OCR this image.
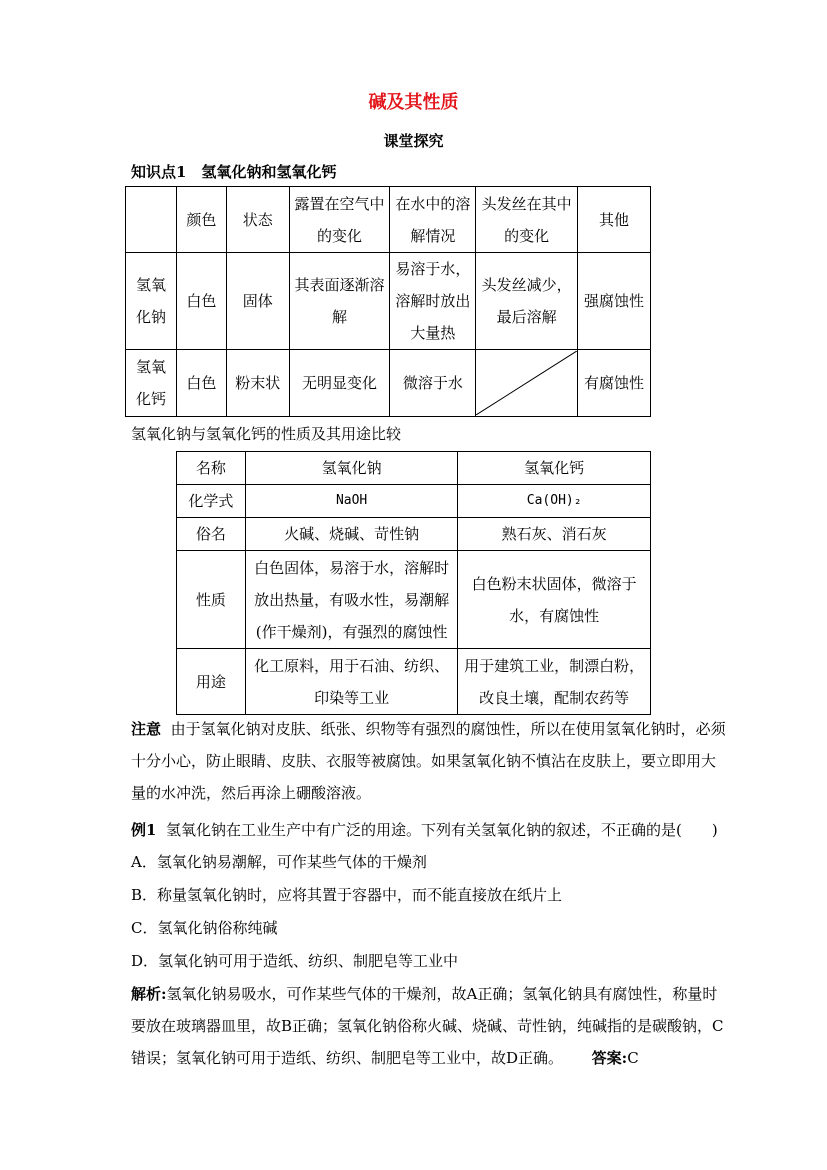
碱及其性质
课堂探究
知识点1　氢氧化钠和氢氧化钙
	颜色	状态	露置在空气中的变化	在水中的溶解情况	头发丝在其中的变化	其他
氢氧化钠	白色	固体	其表面逐渐溶解	易溶于水，溶解时放出大量热	头发丝减少，最后溶解	强腐蚀性
氢氧化钙	白色	粉末状	无明显变化	微溶于水		有腐蚀性
氢氧化钠与氢氧化钙的性质及其用途比较
名称	氢氧化钠	氢氧化钙
化学式	NaOH	Ca(OH)₂
俗名	火碱、烧碱、苛性钠	熟石灰、消石灰
性质	白色固体，易溶于水，溶解时放出热量，有吸水性，易潮解(作干燥剂)，有强烈的腐蚀性	白色粉末状固体，微溶于水，有腐蚀性
用途	化工原料，用于石油、纺织、印染等工业	用于建筑工业，制漂白粉，改良土壤，配制农药等
注意 由于氢氧化钠对皮肤、纸张、织物等有强烈的腐蚀性，所以在使用氢氧化钠时，必须十分小心，防止眼睛、皮肤、衣服等被腐蚀。如果氢氧化钠不慎沾在皮肤上，要立即用大量的水冲洗，然后再涂上硼酸溶液。
例1 氢氧化钠在工业生产中有广泛的用途。下列有关氢氧化钠的叙述，不正确的是(　　)
A．氢氧化钠易潮解，可作某些气体的干燥剂
B．称量氢氧化钠时，应将其置于容器中，而不能直接放在纸片上
C．氢氧化钠俗称纯碱
D．氢氧化钠可用于造纸、纺织、制肥皂等工业中
解析:氢氧化钠易吸水，可作某些气体的干燥剂，故A正确；氢氧化钠具有腐蚀性，称量时要放在玻璃器皿里，故B正确；氢氧化钠俗称火碱、烧碱、苛性钠，纯碱指的是碳酸钠，C错误；氢氧化钠可用于造纸、纺织、制肥皂等工业中，故D正确。 答案:C
